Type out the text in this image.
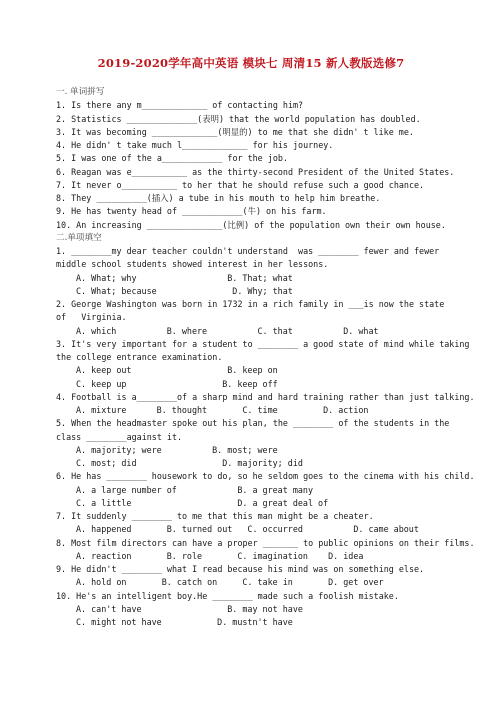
2019-2020学年高中英语 模块七 周清15 新人教版选修7
一. 单词拼写
1. Is there any m_____________ of contacting him?
2. Statistics ______________(表明) that the world population has doubled.
3. It was becoming _____________(明显的) to me that she didn' t like me.
4. He didn' t take much l_____________ for his journey.
5. I was one of the a____________ for the job.
6. Reagan was e___________ as the thirty-second President of the United States.
7. It never o___________ to her that he should refuse such a good chance.
8. They __________(插入) a tube in his mouth to help him breathe.
9. He has twenty head of ____________(牛) on his farm.
10. An increasing _______________(比例) of the population own their own house.
二.单项填空
1. ________my dear teacher couldn't understand  was ________ fewer and fewer
middle school students showed interest in her lessons.
A. What; why                  B. That; what
C. What; because               D. Why; that
2. George Washington was born in 1732 in a rich family in ___is now the state
of   Virginia.
A. which          B. where          C. that          D. what
3. It's very important for a student to ________ a good state of mind while taking
the college entrance examination.
A. keep out                   B. keep on
C. keep up                   B. keep off
4. Football is a________of a sharp mind and hard training rather than just talking.
A. mixture      B. thought       C. time         D. action
5. When the headmaster spoke out his plan, the ________ of the students in the
class ________against it.
A. majority; were          B. most; were
C. most; did                 D. majority; did
6. He has ________ housework to do, so he seldom goes to the cinema with his child.
A. a large number of            B. a great many
C. a little                     D. a great deal of
7. It suddenly ________ to me that this man might be a cheater.
A. happened       B. turned out   C. occurred          D. came about
8. Most film directors can have a proper _______ to public opinions on their films.
A. reaction       B. role       C. imagination    D. idea
9. He didn't ________ what I read because his mind was on something else.
A. hold on       B. catch on     C. take in       D. get over
10. He's an intelligent boy.He ________ made such a foolish mistake.
A. can't have                 B. may not have
C. might not have           D. mustn't have
